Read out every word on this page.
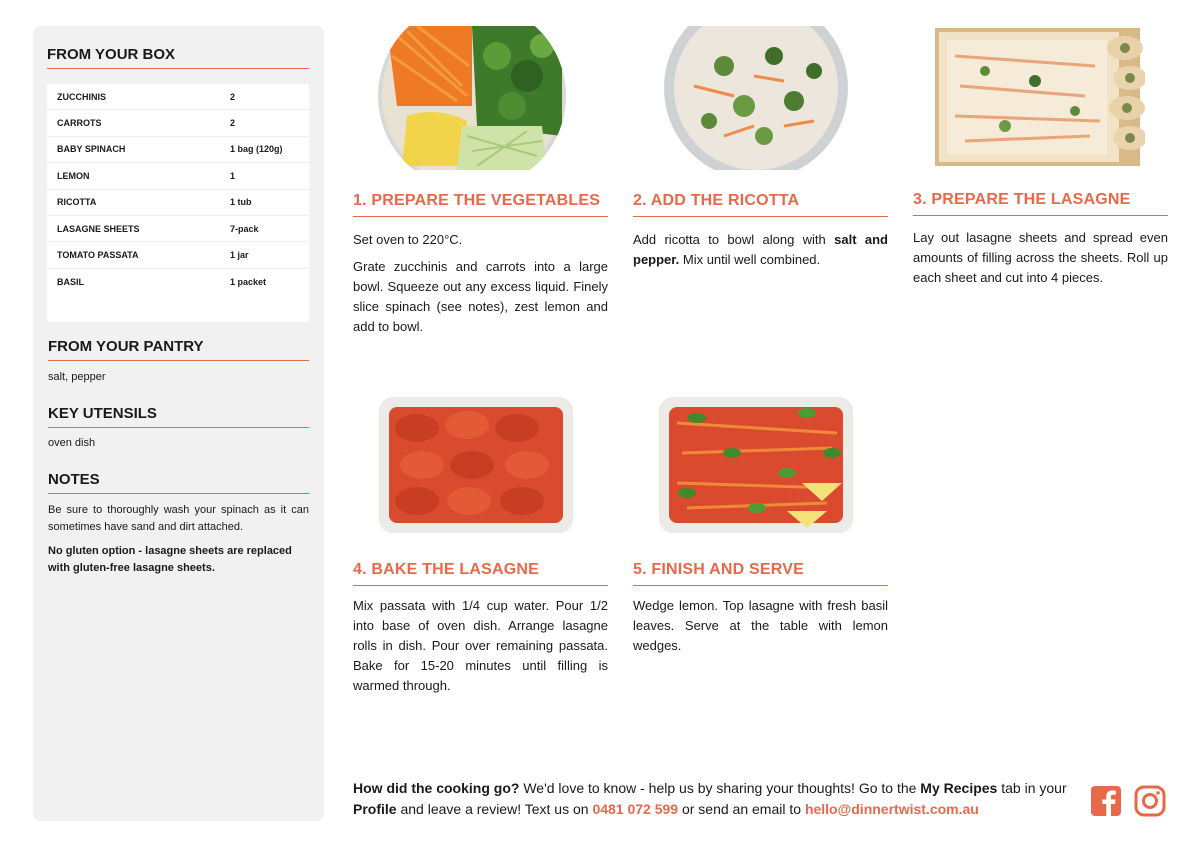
FROM YOUR BOX
ZUCCHINIS	2
CARROTS	2
BABY SPINACH	1 bag (120g)
LEMON	1
RICOTTA	1 tub
LASAGNE SHEETS	7-pack
TOMATO PASSATA	1 jar
BASIL	1 packet
FROM YOUR PANTRY
salt, pepper
KEY UTENSILS
oven dish
NOTES
Be sure to thoroughly wash your spinach as it can sometimes have sand and dirt attached.
No gluten option - lasagne sheets are replaced with gluten-free lasagne sheets.
1. PREPARE THE VEGETABLES

Set oven to 220°C.

Grate zucchinis and carrots into a large bowl. Squeeze out any excess liquid. Finely slice spinach (see notes), zest lemon and add to bowl.

2. ADD THE RICOTTA

Add ricotta to bowl along with salt and pepper. Mix until well combined.

3. PREPARE THE LASAGNE

Lay out lasagne sheets and spread even amounts of filling across the sheets. Roll up each sheet and cut into 4 pieces.

4. BAKE THE LASAGNE

Mix passata with 1/4 cup water. Pour 1/2 into base of oven dish. Arrange lasagne rolls in dish. Pour over remaining passata. Bake for 15-20 minutes until filling is warmed through.

5. FINISH AND SERVE

Wedge lemon. Top lasagne with fresh basil leaves. Serve at the table with lemon wedges.

How did the cooking go? We'd love to know - help us by sharing your thoughts! Go to the My Recipes tab in your Profile and leave a review! Text us on 0481 072 599 or send an email to hello@dinnertwist.com.au
